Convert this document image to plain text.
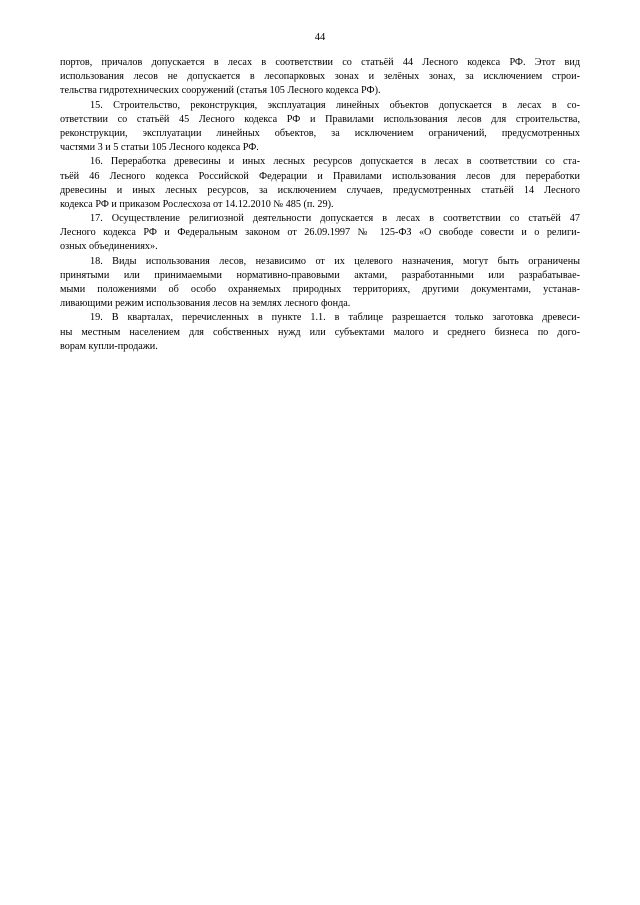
44
портов, причалов допускается в лесах в соответствии со статьёй 44 Лесного кодекса РФ. Этот вид
использования лесов не допускается в лесопарковых зонах и зелёных зонах, за исключением строи-
тельства гидротехнических сооружений (статья 105 Лесного кодекса РФ).
15. Строительство, реконструкция, эксплуатация линейных объектов допускается в лесах в со-
ответствии со статьёй 45 Лесного кодекса РФ и Правилами использования лесов для строительства,
реконструкции, эксплуатации линейных объектов, за исключением ограничений, предусмотренных
частями 3 и 5 статьи 105 Лесного кодекса РФ.
16. Переработка древесины и иных лесных ресурсов допускается в лесах в соответствии со ста-
тьёй 46 Лесного кодекса Российской Федерации и Правилами использования лесов для переработки
древесины и иных лесных ресурсов, за исключением случаев, предусмотренных статьёй 14 Лесного
кодекса РФ и приказом Рослесхоза от 14.12.2010 № 485 (п. 29).
17. Осуществление религиозной деятельности допускается в лесах в соответствии со статьёй 47
Лесного кодекса РФ и Федеральным законом от 26.09.1997 № 125-ФЗ «О свободе совести и о религи-
озных объединениях».
18. Виды использования лесов, независимо от их целевого назначения, могут быть ограничены
принятыми или принимаемыми нормативно-правовыми актами, разработанными или разрабатывае-
мыми положениями об особо охраняемых природных территориях, другими документами, устанав-
ливающими режим использования лесов на землях лесного фонда.
19. В кварталах, перечисленных в пункте 1.1. в таблице разрешается только заготовка древеси-
ны местным населением для собственных нужд или субъектами малого и среднего бизнеса по дого-
ворам купли-продажи.
